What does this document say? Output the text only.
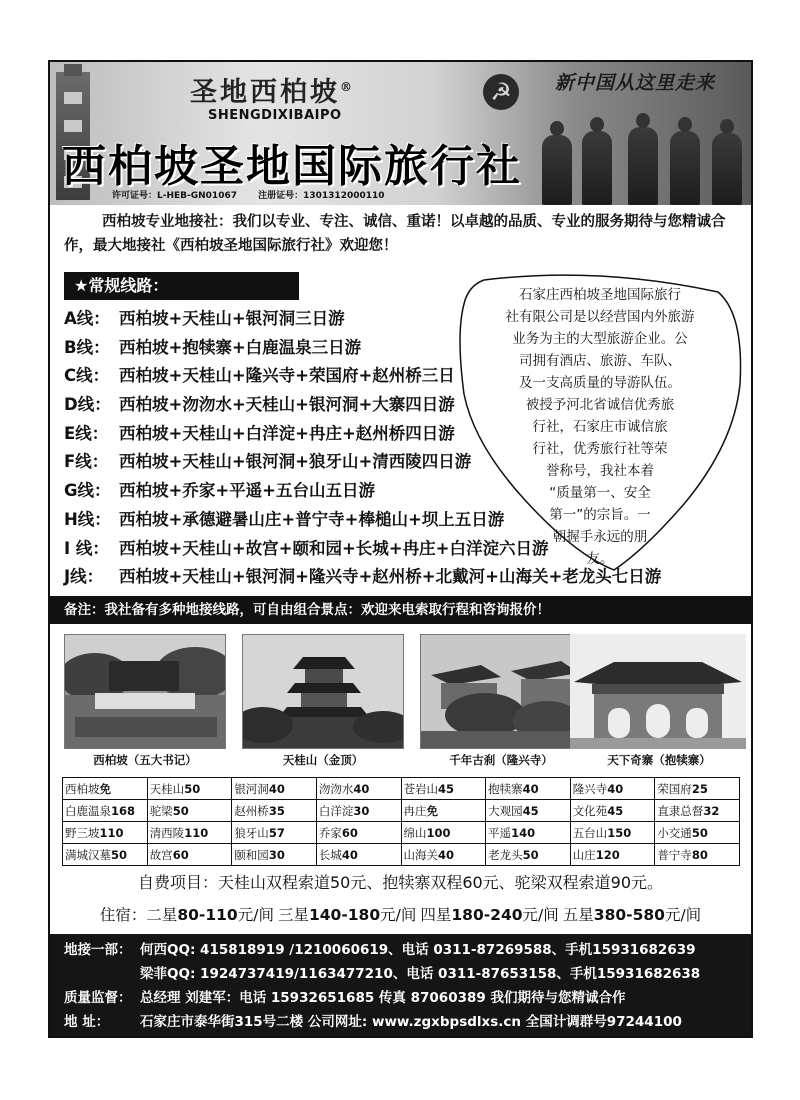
圣地西柏坡®
SHENGDIXIBAIPO
西柏坡圣地国际旅行社
许可证号：L-HEB-GN01067 注册证号：1301312000110
☭	新中国从这里走来

西柏坡专业地接社：我们以专业、专注、诚信、重诺！以卓越的品质、专业的服务期待与您精诚合作，最大地接社《西柏坡圣地国际旅行社》欢迎您！

★常规线路：
A线： 西柏坡+天桂山+银河洞三日游
B线： 西柏坡+抱犊寨+白鹿温泉三日游
C线： 西柏坡+天桂山+隆兴寺+荣国府+赵州桥三日
D线： 西柏坡+沕沕水+天桂山+银河洞+大寨四日游
E线： 西柏坡+天桂山+白洋淀+冉庄+赵州桥四日游
F线： 西柏坡+天桂山+银河洞+狼牙山+清西陵四日游
G线： 西柏坡+乔家+平遥+五台山五日游
H线： 西柏坡+承德避暑山庄+普宁寺+棒槌山+坝上五日游
I 线： 西柏坡+天桂山+故宫+颐和园+长城+冉庄+白洋淀六日游
J线： 西柏坡+天桂山+银河洞+隆兴寺+赵州桥+北戴河+山海关+老龙头七日游
石家庄西柏坡圣地国际旅行
社有限公司是以经营国内外旅游
业务为主的大型旅游企业。公
司拥有酒店、旅游、车队、
及一支高质量的导游队伍。
被授予河北省诚信优秀旅
行社，石家庄市诚信旅
行社，优秀旅行社等荣
誉称号，我社本着
“质量第一、安全
第一”的宗旨。一
朝握手永远的朋
友。
备注：我社备有多种地接线路，可自由组合景点：欢迎来电索取行程和咨询报价！
西柏坡（五大书记）	天桂山（金顶）	千年古刹（隆兴寺）	天下奇寨（抱犊寨）
西柏坡免	天桂山50	银河洞40	沕沕水40	苍岩山45	抱犊寨40	隆兴寺40	荣国府25
白鹿温泉168	驼梁50	赵州桥35	白洋淀30	冉庄免	大观园45	文化苑45	直隶总督32
野三坡110	清西陵110	狼牙山57	乔家60	绵山100	平遥140	五台山150	小交通50
满城汉墓50	故宫60	颐和园30	长城40	山海关40	老龙头50	山庄120	普宁寺80
自费项目：天桂山双程索道50元、抱犊寨双程60元、驼梁双程索道90元。
住宿：二星80-110元/间 三星140-180元/间 四星180-240元/间 五星380-580元/间
地接一部： 何西QQ: 415818919 /1210060619、电话 0311-87269588、手机15931682639
梁菲QQ: 1924737419/1163477210、电话 0311-87653158、手机15931682638
质量监督： 总经理 刘建军：电话 15932651685 传真 87060389 我们期待与您精诚合作
地 址： 石家庄市泰华街315号二楼 公司网址: www.zgxbpsdlxs.cn 全国计调群号97244100
